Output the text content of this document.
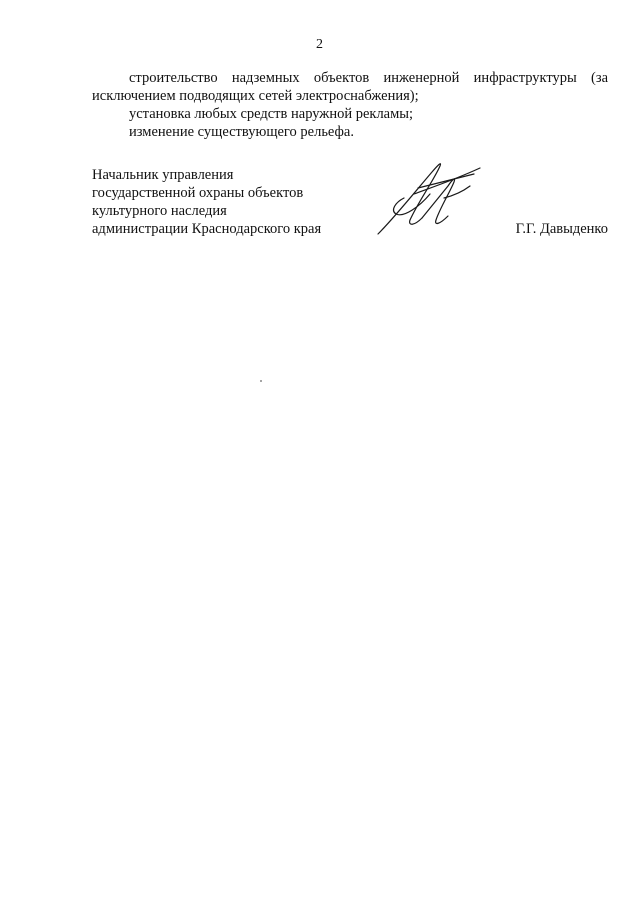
2

строительство надземных объектов инженерной инфраструктуры (за исключением подводящих сетей электроснабжения);

установка любых средств наружной рекламы;

изменение существующего рельефа.

Начальник управления

государственной охраны объектов

культурного наследия

администрации Краснодарского края	Г.Г. Давыденко
